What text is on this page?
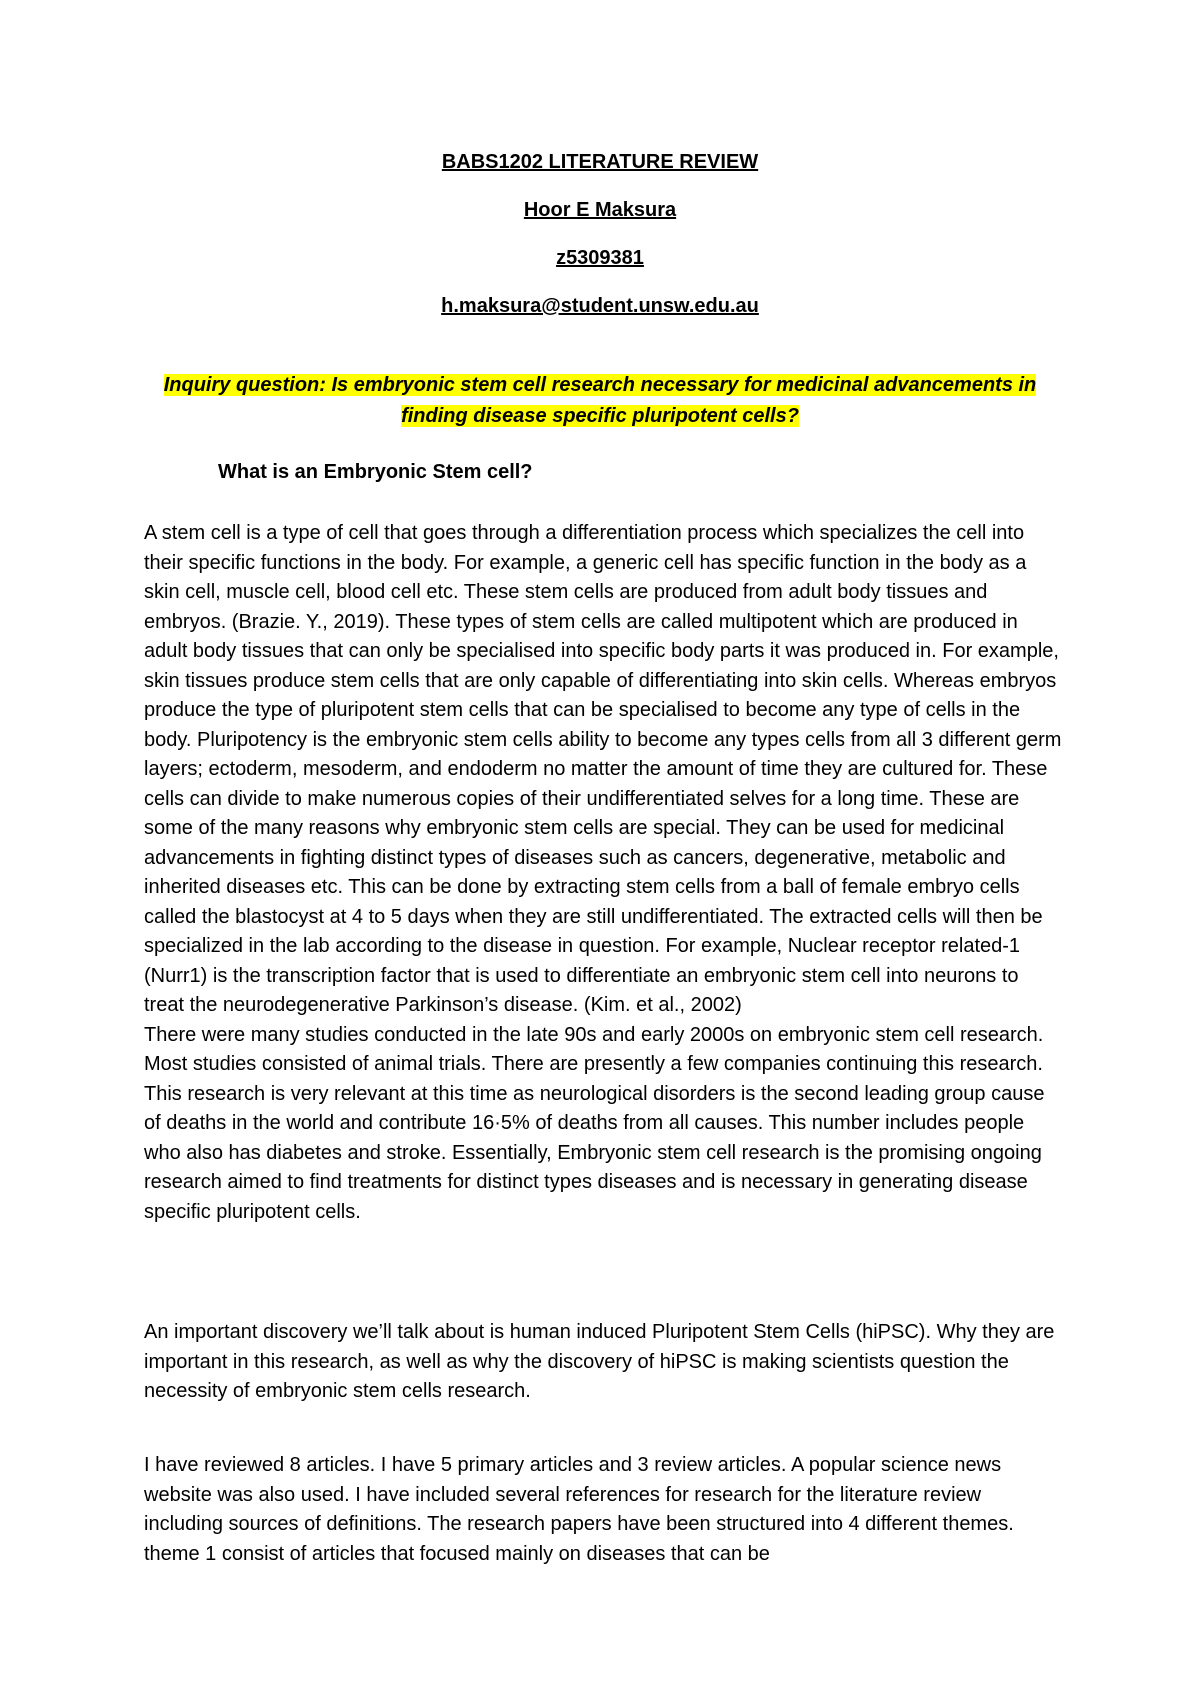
BABS1202 LITERATURE REVIEW
Hoor E Maksura
z5309381
h.maksura@student.unsw.edu.au
Inquiry question: Is embryonic stem cell research necessary for medicinal advancements in finding disease specific pluripotent cells?
What is an Embryonic Stem cell?

A stem cell is a type of cell that goes through a differentiation process which specializes the cell into their specific functions in the body. For example, a generic cell has specific function in the body as a skin cell, muscle cell, blood cell etc. These stem cells are produced from adult body tissues and embryos. (Brazie. Y., 2019). These types of stem cells are called multipotent which are produced in adult body tissues that can only be specialised into specific body parts it was produced in. For example, skin tissues produce stem cells that are only capable of differentiating into skin cells. Whereas embryos produce the type of pluripotent stem cells that can be specialised to become any type of cells in the body. Pluripotency is the embryonic stem cells ability to become any types cells from all 3 different germ layers; ectoderm, mesoderm, and endoderm no matter the amount of time they are cultured for. These cells can divide to make numerous copies of their undifferentiated selves for a long time. These are some of the many reasons why embryonic stem cells are special. They can be used for medicinal advancements in fighting distinct types of diseases such as cancers, degenerative, metabolic and inherited diseases etc. This can be done by extracting stem cells from a ball of female embryo cells called the blastocyst at 4 to 5 days when they are still undifferentiated. The extracted cells will then be specialized in the lab according to the disease in question. For example, Nuclear receptor related-1 (Nurr1) is the transcription factor that is used to differentiate an embryonic stem cell into neurons to treat the neurodegenerative Parkinson’s disease. (Kim. et al., 2002)
There were many studies conducted in the late 90s and early 2000s on embryonic stem cell research. Most studies consisted of animal trials. There are presently a few companies continuing this research. This research is very relevant at this time as neurological disorders is the second leading group cause of deaths in the world and contribute 16·5% of deaths from all causes. This number includes people who also has diabetes and stroke. Essentially, Embryonic stem cell research is the promising ongoing research aimed to find treatments for distinct types diseases and is necessary in generating disease specific pluripotent cells.

An important discovery we’ll talk about is human induced Pluripotent Stem Cells (hiPSC). Why they are important in this research, as well as why the discovery of hiPSC is making scientists question the necessity of embryonic stem cells research.

I have reviewed 8 articles. I have 5 primary articles and 3 review articles. A popular science news website was also used. I have included several references for research for the literature review including sources of definitions. The research papers have been structured into 4 different themes. theme 1 consist of articles that focused mainly on diseases that can be
